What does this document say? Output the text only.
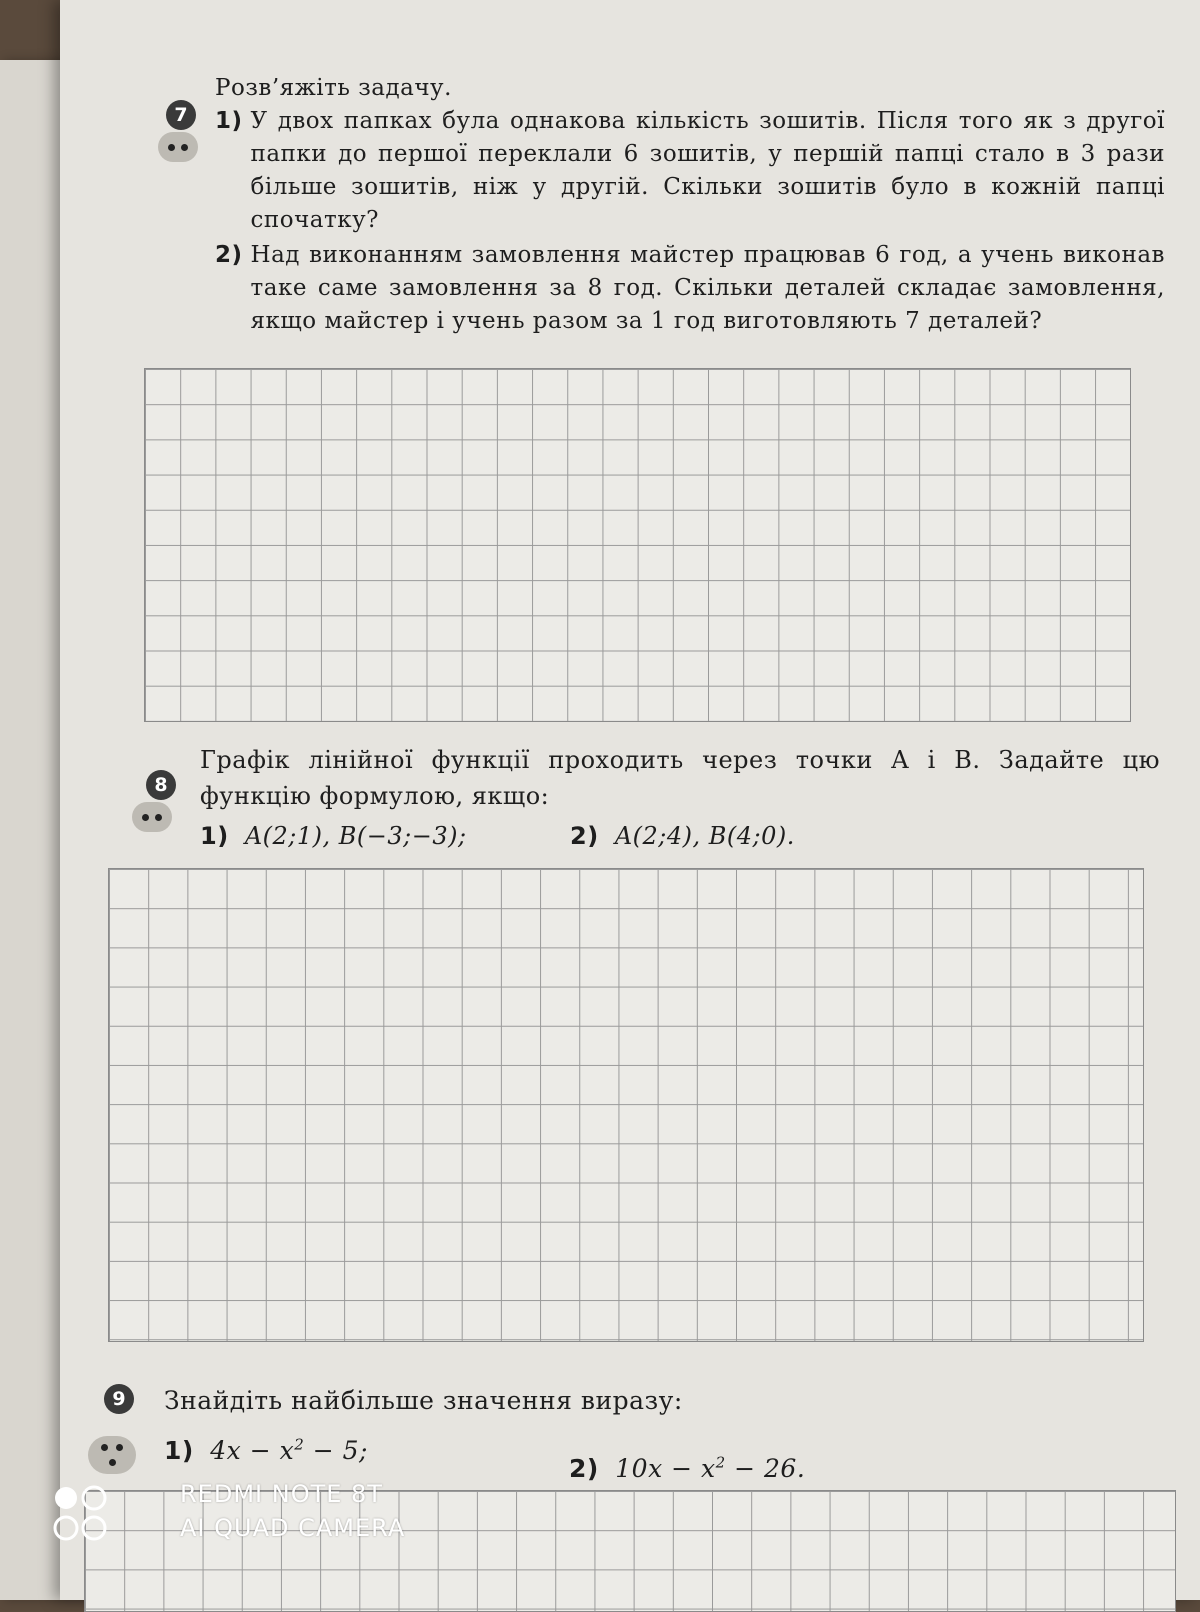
7
Розв’яжіть задачу.
1) У двох папках була однакова кількість зошитів. Після того як з другої папки до першої переклали 6 зошитів, у першій папці стало в 3 рази більше зошитів, ніж у другій. Скільки зошитів було в кожній папці спочатку?
2) Над виконанням замовлення майстер працював 6 год, а учень виконав таке саме замовлення за 8 год. Скільки деталей складає замовлення, якщо майстер і учень разом за 1 год виготовляють 7 деталей?
8
Графік лінійної функції проходить через точки A і B. Задайте цю функцію формулою, якщо:
1) A(2;1), B(−3;−3);	2) A(2;4), B(4;0).
9 Знайдіть найбільше значення виразу:
1) $4x - x^2 - 5$;
2) $10x - x^2 - 26$.
REDMI NOTE 8T
AI QUAD CAMERA
